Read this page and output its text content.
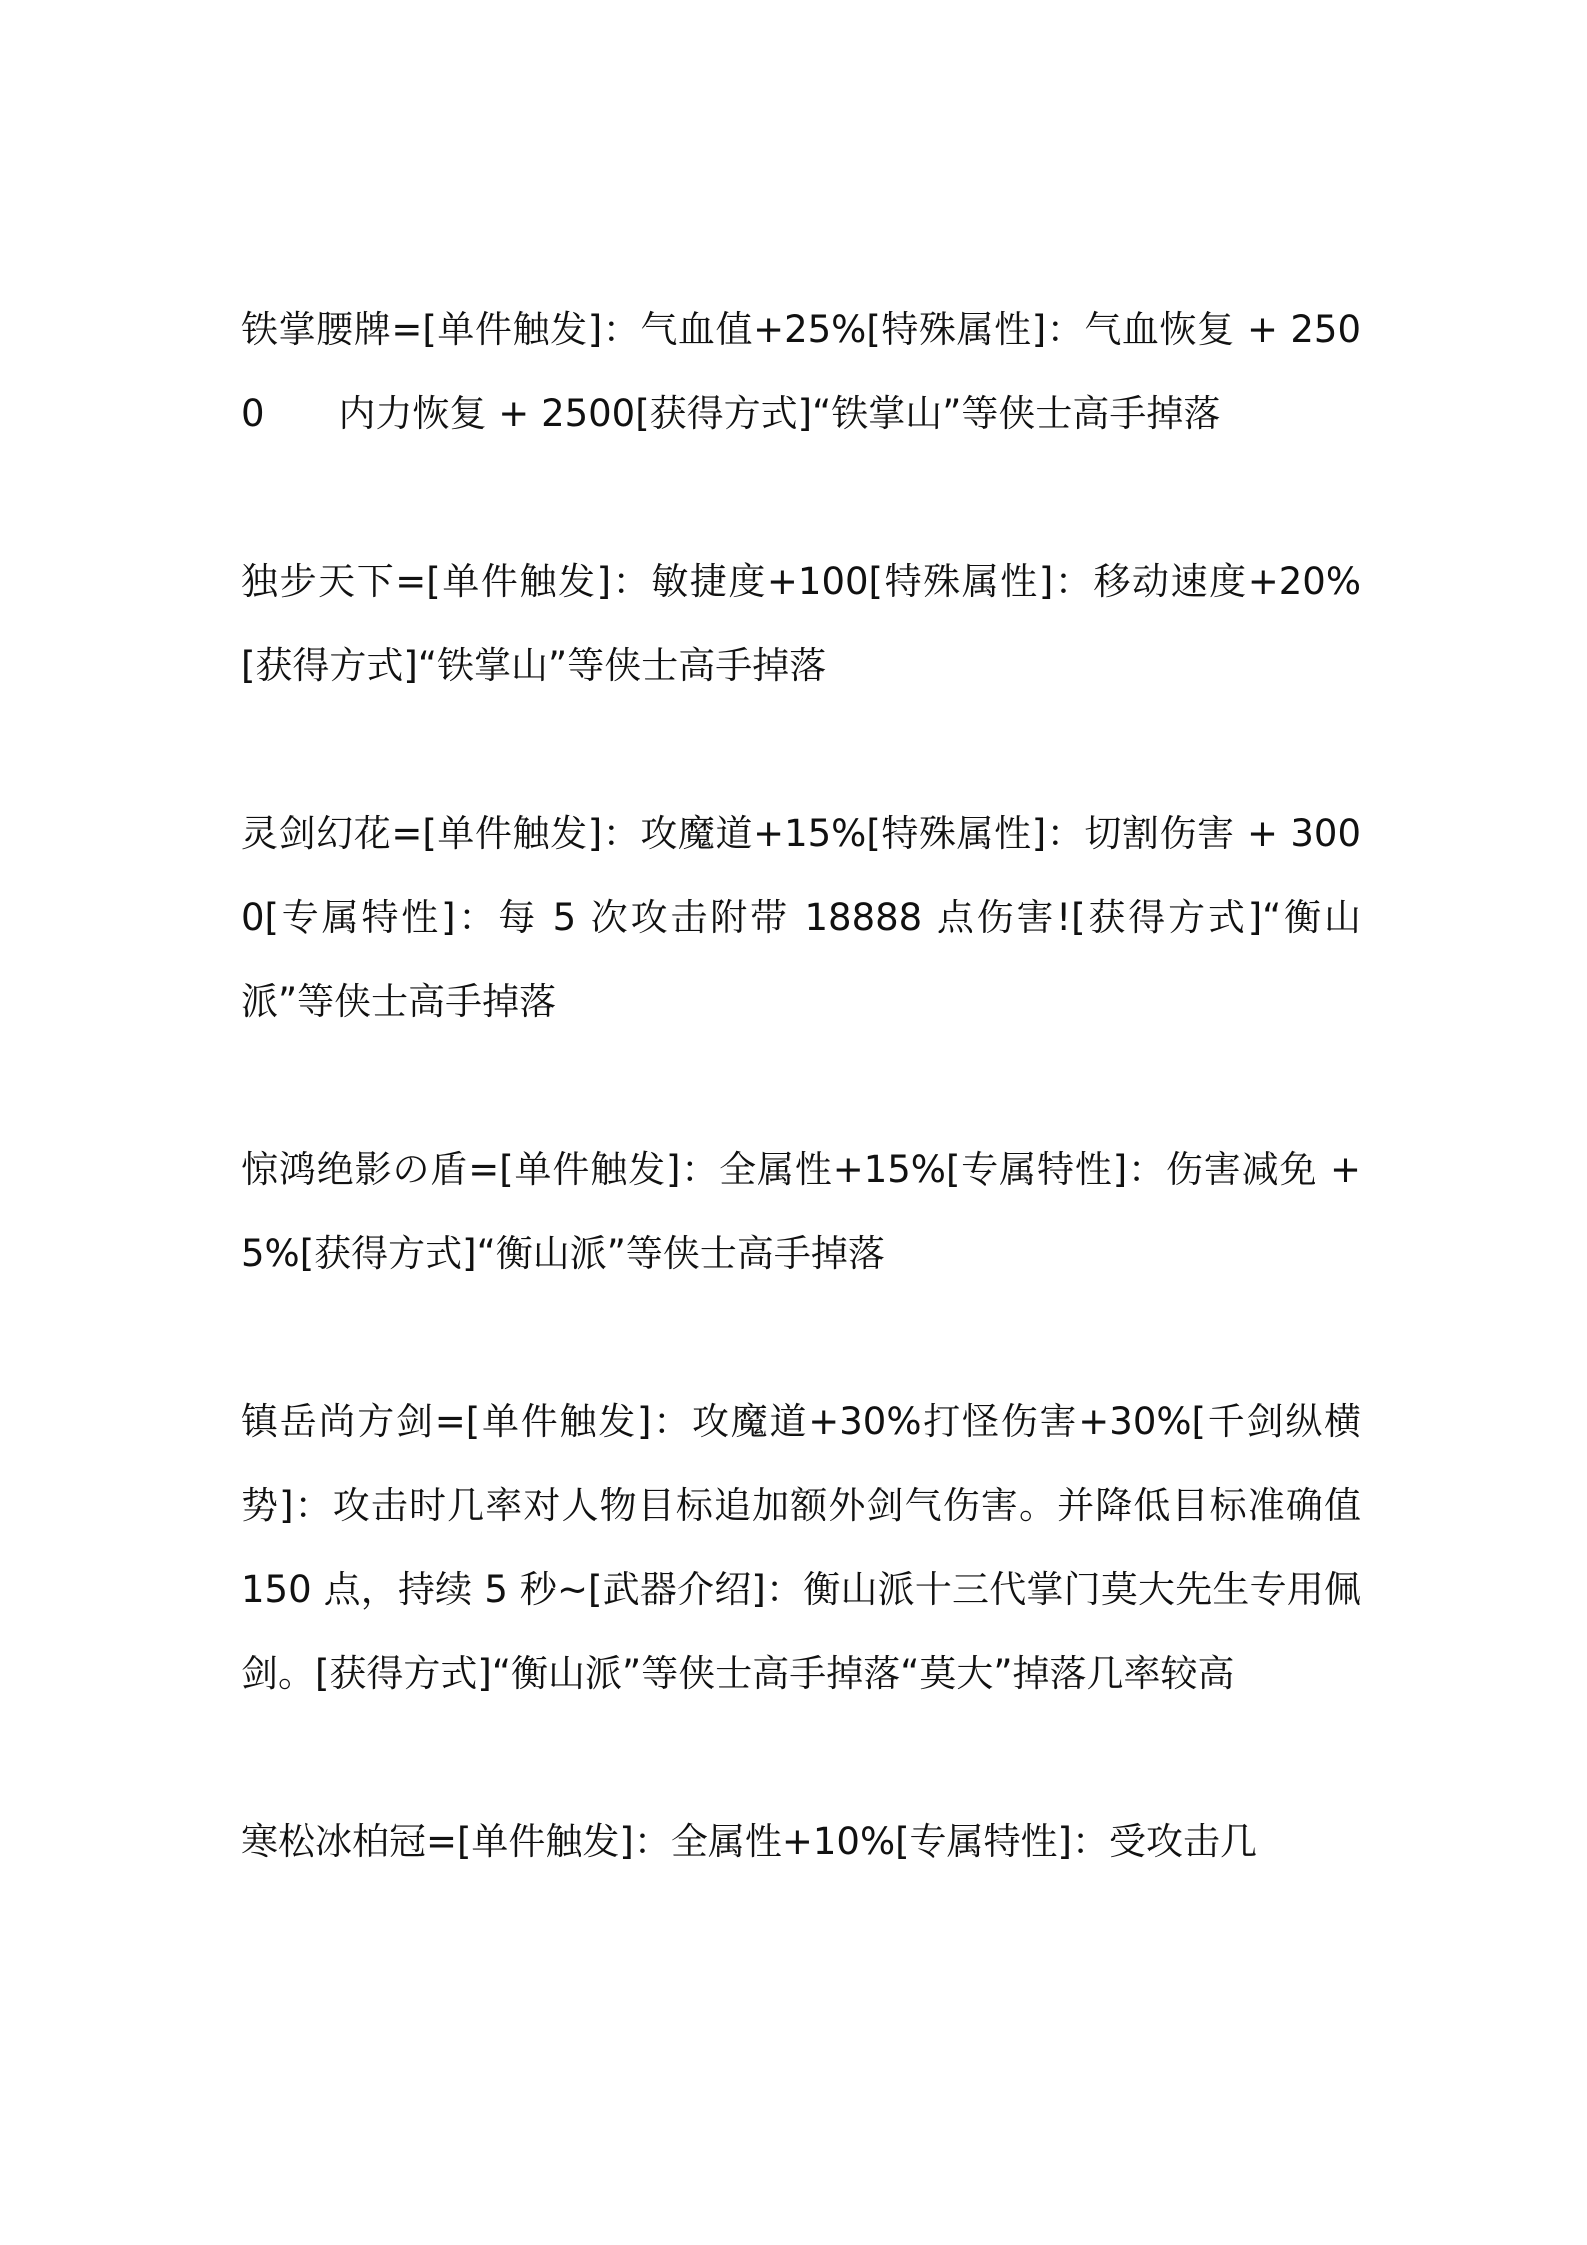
铁掌腰牌=[单件触发]：气血值+25%[特殊属性]：气血恢复 + 2500　　内力恢复 + 2500[获得方式]“铁掌山”等侠士高手掉落

独步天下=[单件触发]：敏捷度+100[特殊属性]：移动速度+20%[获得方式]“铁掌山”等侠士高手掉落

灵剑幻花=[单件触发]：攻魔道+15%[特殊属性]：切割伤害 + 3000[专属特性]：每 5 次攻击附带 18888 点伤害![获得方式]“衡山派”等侠士高手掉落

惊鸿绝影の盾=[单件触发]：全属性+15%[专属特性]：伤害减免 + 5%[获得方式]“衡山派”等侠士高手掉落

镇岳尚方剑=[单件触发]：攻魔道+30%打怪伤害+30%[千剑纵横势]：攻击时几率对人物目标追加额外剑气伤害。并降低目标准确值 150 点，持续 5 秒~[武器介绍]：衡山派十三代掌门莫大先生专用佩剑。[获得方式]“衡山派”等侠士高手掉落“莫大”掉落几率较高

寒松冰柏冠=[单件触发]：全属性+10%[专属特性]：受攻击几
